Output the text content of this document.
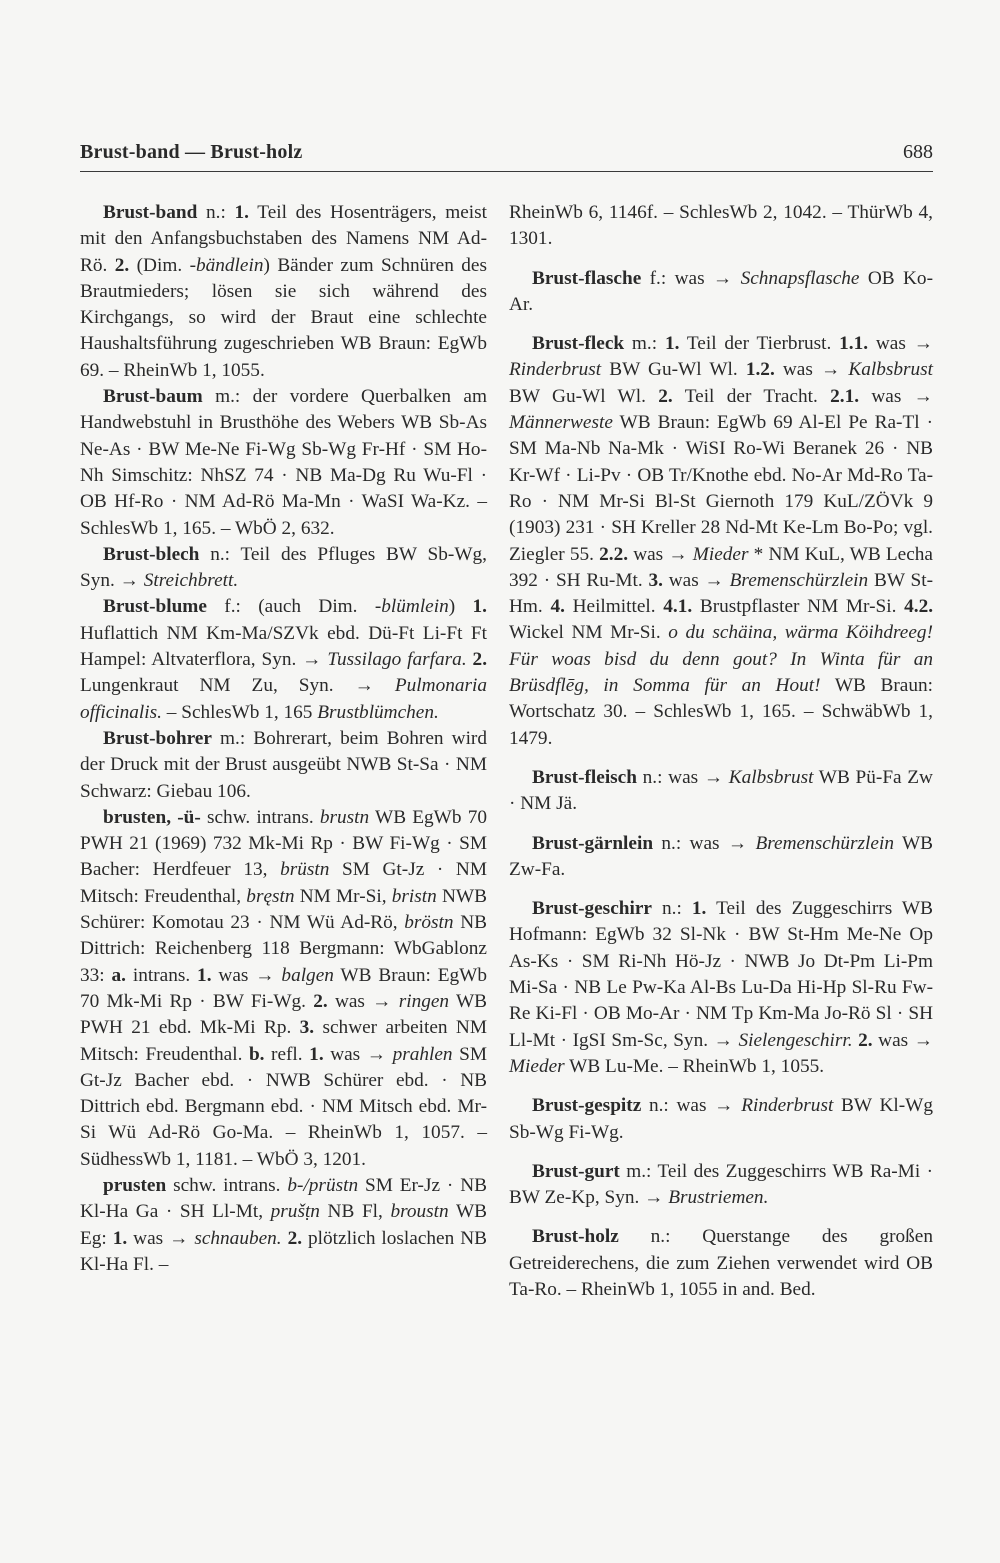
Brust-band — Brust-holz	688

Brust-band n.: 1. Teil des Hosenträgers, meist mit den Anfangsbuchstaben des Namens NM Ad-Rö. 2. (Dim. -bändlein) Bänder zum Schnüren des Brautmieders; lösen sie sich während des Kirchgangs, so wird der Braut eine schlechte Haushaltsführung zugeschrieben WB Braun: EgWb 69. – RheinWb 1, 1055.

Brust-baum m.: der vordere Querbalken am Handwebstuhl in Brusthöhe des Webers WB Sb-As Ne-As · BW Me-Ne Fi-Wg Sb-Wg Fr-Hf · SM Ho-Nh Simschitz: NhSZ 74 · NB Ma-Dg Ru Wu-Fl · OB Hf-Ro · NM Ad-Rö Ma-Mn · WaSI Wa-Kz. – SchlesWb 1, 165. – WbÖ 2, 632.

Brust-blech n.: Teil des Pfluges BW Sb-Wg, Syn. → Streichbrett.

Brust-blume f.: (auch Dim. -blümlein) 1. Huflattich NM Km-Ma/SZVk ebd. Dü-Ft Li-Ft Ft Hampel: Altvaterflora, Syn. → Tussilago farfara. 2. Lungenkraut NM Zu, Syn. → Pulmonaria officinalis. – SchlesWb 1, 165 Brustblümchen.

Brust-bohrer m.: Bohrerart, beim Bohren wird der Druck mit der Brust ausgeübt NWB St-Sa · NM Schwarz: Giebau 106.

brusten, -ü- schw. intrans. brustn WB EgWb 70 PWH 21 (1969) 732 Mk-Mi Rp · BW Fi-Wg · SM Bacher: Herdfeuer 13, brüstn SM Gt-Jz · NM Mitsch: Freudenthal, bręstn NM Mr-Si, bristn NWB Schürer: Komotau 23 · NM Wü Ad-Rö, bröstn NB Dittrich: Reichenberg 118 Bergmann: WbGablonz 33: a. intrans. 1. was → balgen WB Braun: EgWb 70 Mk-Mi Rp · BW Fi-Wg. 2. was → ringen WB PWH 21 ebd. Mk-Mi Rp. 3. schwer arbeiten NM Mitsch: Freudenthal. b. refl. 1. was → prahlen SM Gt-Jz Bacher ebd. · NWB Schürer ebd. · NB Dittrich ebd. Bergmann ebd. · NM Mitsch ebd. Mr-Si Wü Ad-Rö Go-Ma. – RheinWb 1, 1057. – SüdhessWb 1, 1181. – WbÖ 3, 1201.

prusten schw. intrans. b-/prüstn SM Er-Jz · NB Kl-Ha Ga · SH Ll-Mt, prušṭn NB Fl, broustn WB Eg: 1. was → schnauben. 2. plötzlich loslachen NB Kl-Ha Fl. –

RheinWb 6, 1146f. – SchlesWb 2, 1042. – ThürWb 4, 1301.

Brust-flasche f.: was → Schnapsflasche OB Ko-Ar.

Brust-fleck m.: 1. Teil der Tierbrust. 1.1. was → Rinderbrust BW Gu-Wl Wl. 1.2. was → Kalbsbrust BW Gu-Wl Wl. 2. Teil der Tracht. 2.1. was → Männerweste WB Braun: EgWb 69 Al-El Pe Ra-Tl · SM Ma-Nb Na-Mk · WiSI Ro-Wi Beranek 26 · NB Kr-Wf · Li-Pv · OB Tr/Knothe ebd. No-Ar Md-Ro Ta-Ro · NM Mr-Si Bl-St Giernoth 179 KuL/ZÖVk 9 (1903) 231 · SH Kreller 28 Nd-Mt Ke-Lm Bo-Po; vgl. Ziegler 55. 2.2. was → Mieder * NM KuL, WB Lecha 392 · SH Ru-Mt. 3. was → Bremenschürzlein BW St-Hm. 4. Heilmittel. 4.1. Brustpflaster NM Mr-Si. 4.2. Wickel NM Mr-Si. o du schäina, wärma Köihdreeg! Für woas bisd du denn gout? In Winta für an Brüsdflēg, in Somma für an Hout! WB Braun: Wortschatz 30. – SchlesWb 1, 165. – SchwäbWb 1, 1479.

Brust-fleisch n.: was → Kalbsbrust WB Pü-Fa Zw · NM Jä.

Brust-gärnlein n.: was → Bremenschürzlein WB Zw-Fa.

Brust-geschirr n.: 1. Teil des Zuggeschirrs WB Hofmann: EgWb 32 Sl-Nk · BW St-Hm Me-Ne Op As-Ks · SM Ri-Nh Hö-Jz · NWB Jo Dt-Pm Li-Pm Mi-Sa · NB Le Pw-Ka Al-Bs Lu-Da Hi-Hp Sl-Ru Fw-Re Ki-Fl · OB Mo-Ar · NM Tp Km-Ma Jo-Rö Sl · SH Ll-Mt · IgSI Sm-Sc, Syn. → Sielengeschirr. 2. was → Mieder WB Lu-Me. – RheinWb 1, 1055.

Brust-gespitz n.: was → Rinderbrust BW Kl-Wg Sb-Wg Fi-Wg.

Brust-gurt m.: Teil des Zuggeschirrs WB Ra-Mi · BW Ze-Kp, Syn. → Brustriemen.

Brust-holz n.: Querstange des großen Getreiderechens, die zum Ziehen verwendet wird OB Ta-Ro. – RheinWb 1, 1055 in and. Bed.
